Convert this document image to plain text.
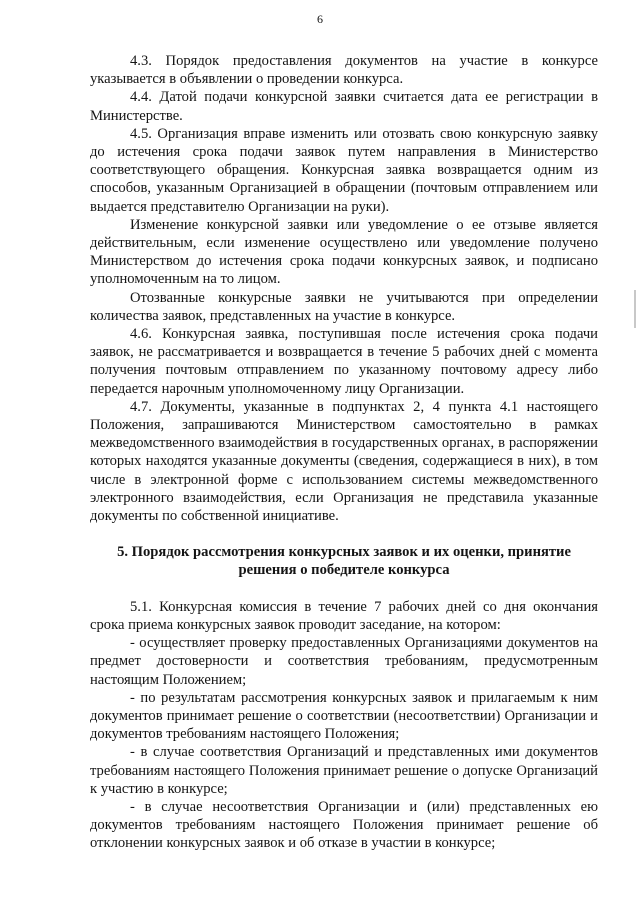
6

4.3. Порядок предоставления документов на участие в конкурсе указывается в объявлении о проведении конкурса.

4.4. Датой подачи конкурсной заявки считается дата ее регистрации в Министерстве.

4.5. Организация вправе изменить или отозвать свою конкурсную заявку до истечения срока подачи заявок путем направления в Министерство соответствующего обращения. Конкурсная заявка возвращается одним из способов, указанным Организацией в обращении (почтовым отправлением или выдается представителю Организации на руки).

Изменение конкурсной заявки или уведомление о ее отзыве является действительным, если изменение осуществлено или уведомление получено Министерством до истечения срока подачи конкурсных заявок, и подписано уполномоченным на то лицом.

Отозванные конкурсные заявки не учитываются при определении количества заявок, представленных на участие в конкурсе.

4.6. Конкурсная заявка, поступившая после истечения срока подачи заявок, не рассматривается и возвращается в течение 5 рабочих дней с момента получения почтовым отправлением по указанному почтовому адресу либо передается нарочным уполномоченному лицу Организации.

4.7. Документы, указанные в подпунктах 2, 4 пункта 4.1 настоящего Положения, запрашиваются Министерством самостоятельно в рамках межведомственного взаимодействия в государственных органах, в распоряжении которых находятся указанные документы (сведения, содержащиеся в них), в том числе в электронной форме с использованием системы межведомственного электронного взаимодействия, если Организация не представила указанные документы по собственной инициативе.

5. Порядок рассмотрения конкурсных заявок и их оценки, принятие
решения о победителе конкурса

5.1. Конкурсная комиссия в течение 7 рабочих дней со дня окончания срока приема конкурсных заявок проводит заседание, на котором:

- осуществляет проверку предоставленных Организациями документов на предмет достоверности и соответствия требованиям, предусмотренным настоящим Положением;

- по результатам рассмотрения конкурсных заявок и прилагаемым к ним документов принимает решение о соответствии (несоответствии) Организации и документов требованиям настоящего Положения;

- в случае соответствия Организаций и представленных ими документов требованиям настоящего Положения принимает решение о допуске Организаций к участию в конкурсе;

- в случае несоответствия Организации и (или) представленных ею документов требованиям настоящего Положения принимает решение об отклонении конкурсных заявок и об отказе в участии в конкурсе;
